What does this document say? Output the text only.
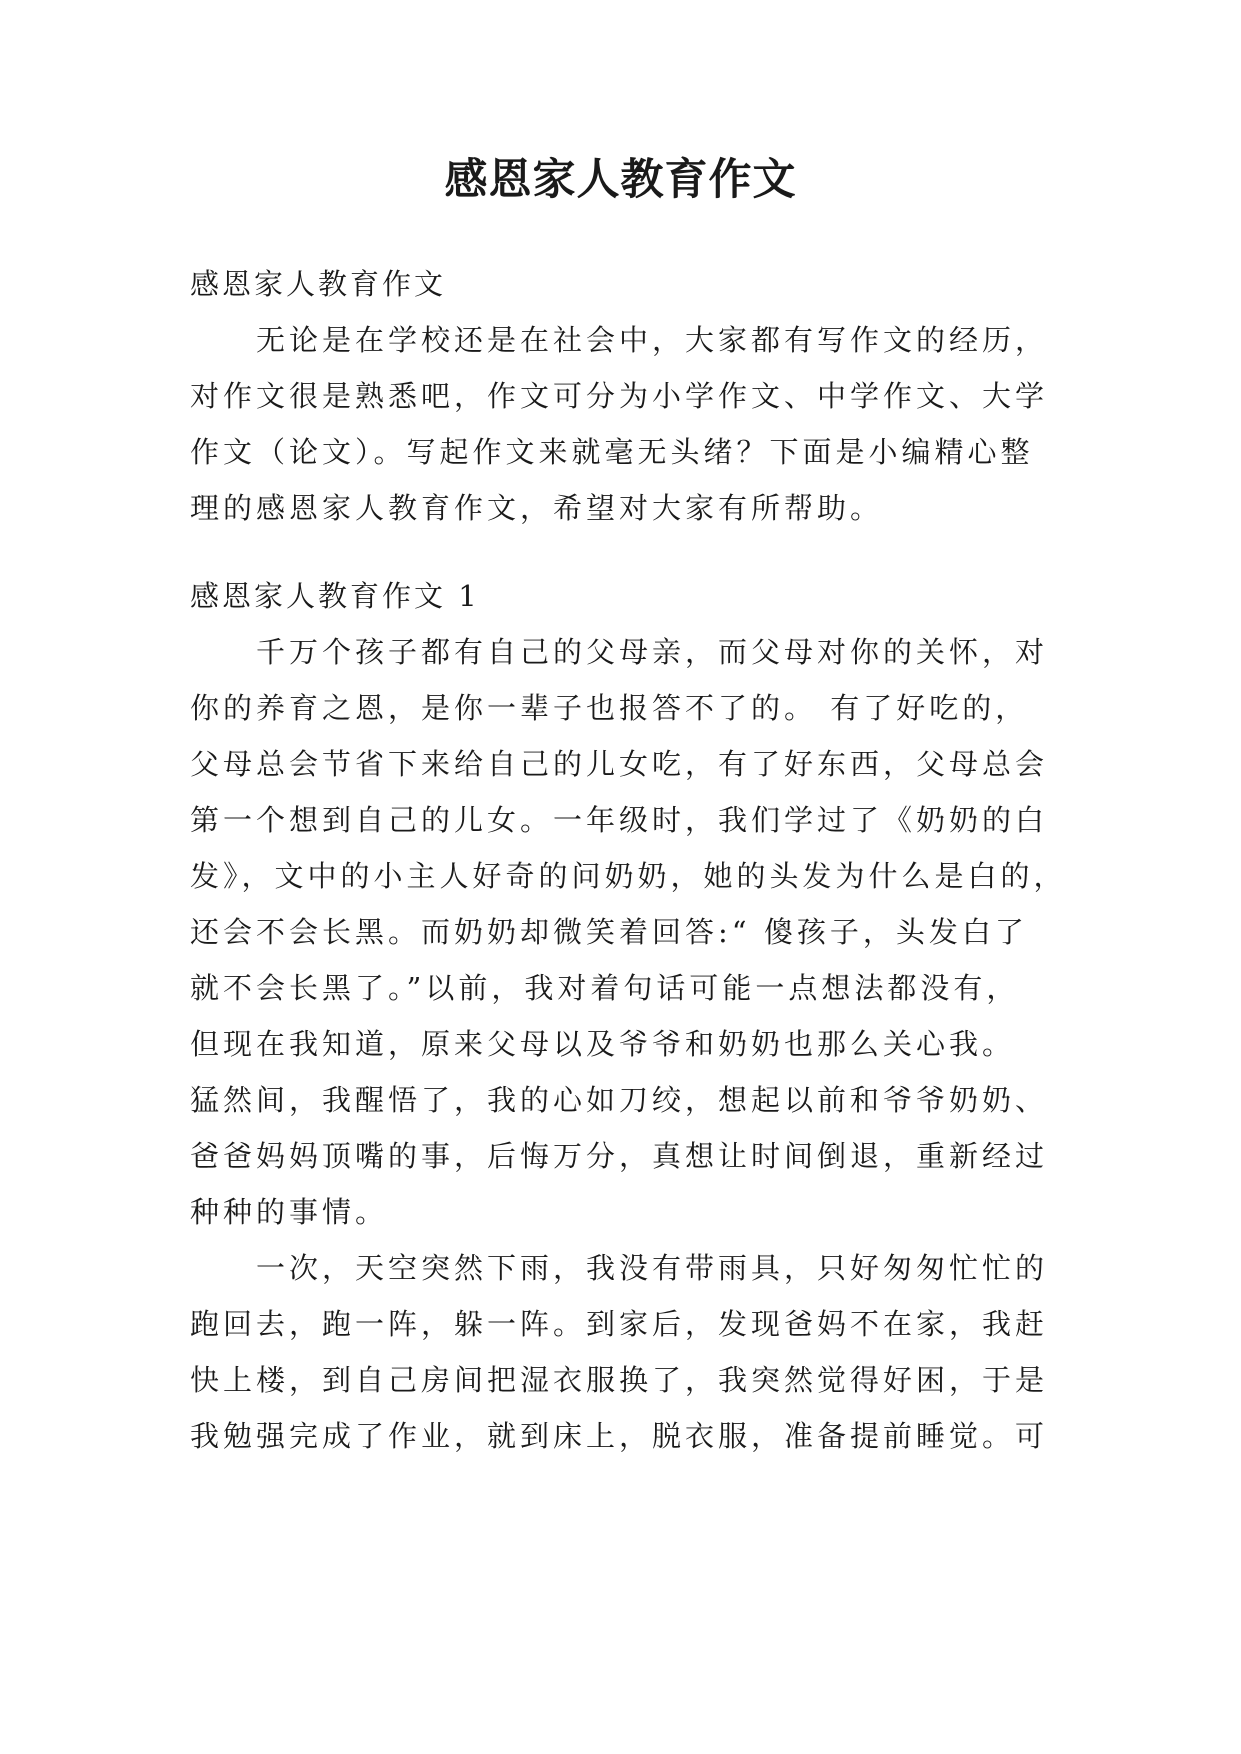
感恩家人教育作文
感恩家人教育作文
无论是在学校还是在社会中，大家都有写作文的经历，
对作文很是熟悉吧，作文可分为小学作文、中学作文、大学
作文（论文）。写起作文来就毫无头绪？下面是小编精心整
理的感恩家人教育作文，希望对大家有所帮助。
感恩家人教育作文 1
千万个孩子都有自己的父母亲，而父母对你的关怀，对
你的养育之恩，是你一辈子也报答不了的。 有了好吃的，
父母总会节省下来给自己的儿女吃，有了好东西，父母总会
第一个想到自己的儿女。一年级时，我们学过了《奶奶的白
发》，文中的小主人好奇的问奶奶，她的头发为什么是白的，
还会不会长黑。而奶奶却微笑着回答:“ 傻孩子，头发白了
就不会长黑了。”以前，我对着句话可能一点想法都没有，
但现在我知道，原来父母以及爷爷和奶奶也那么关心我。
猛然间，我醒悟了，我的心如刀绞，想起以前和爷爷奶奶、
爸爸妈妈顶嘴的事，后悔万分，真想让时间倒退，重新经过
种种的事情。
一次，天空突然下雨，我没有带雨具，只好匆匆忙忙的
跑回去，跑一阵，躲一阵。到家后，发现爸妈不在家，我赶
快上楼，到自己房间把湿衣服换了，我突然觉得好困，于是
我勉强完成了作业，就到床上，脱衣服，准备提前睡觉。可
